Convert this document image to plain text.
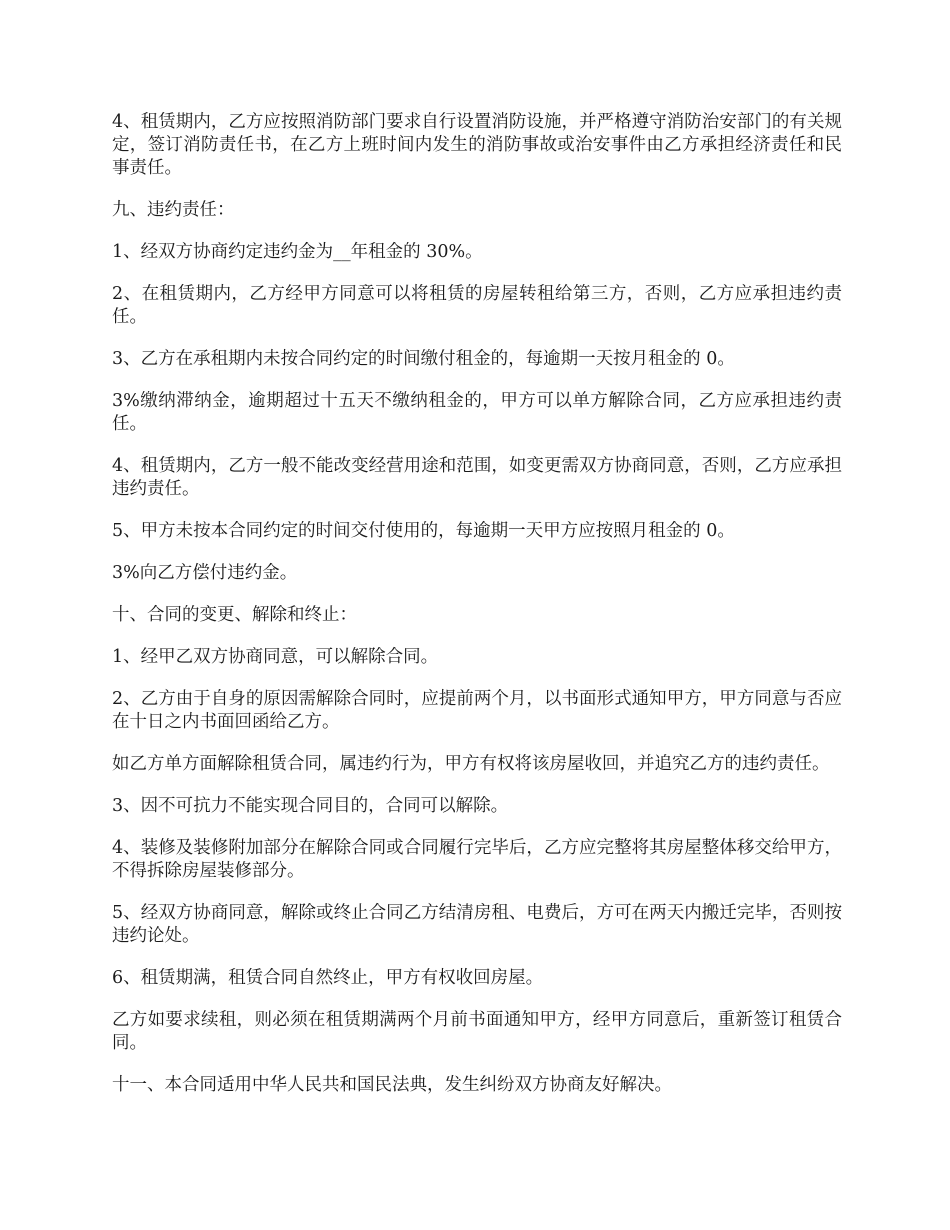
4、租赁期内，乙方应按照消防部门要求自行设置消防设施，并严格遵守消防治安部门的有关规定，签订消防责任书，在乙方上班时间内发生的消防事故或治安事件由乙方承担经济责任和民事责任。

九、违约责任：

1、经双方协商约定违约金为__年租金的 30%。

2、在租赁期内，乙方经甲方同意可以将租赁的房屋转租给第三方，否则，乙方应承担违约责任。

3、乙方在承租期内未按合同约定的时间缴付租金的，每逾期一天按月租金的 0。

3%缴纳滞纳金，逾期超过十五天不缴纳租金的，甲方可以单方解除合同，乙方应承担违约责任。

4、租赁期内，乙方一般不能改变经营用途和范围，如变更需双方协商同意，否则，乙方应承担违约责任。

5、甲方未按本合同约定的时间交付使用的，每逾期一天甲方应按照月租金的 0。

3%向乙方偿付违约金。

十、合同的变更、解除和终止：

1、经甲乙双方协商同意，可以解除合同。

2、乙方由于自身的原因需解除合同时，应提前两个月，以书面形式通知甲方，甲方同意与否应在十日之内书面回函给乙方。

如乙方单方面解除租赁合同，属违约行为，甲方有权将该房屋收回，并追究乙方的违约责任。

3、因不可抗力不能实现合同目的，合同可以解除。

4、装修及装修附加部分在解除合同或合同履行完毕后，乙方应完整将其房屋整体移交给甲方，不得拆除房屋装修部分。

5、经双方协商同意，解除或终止合同乙方结清房租、电费后，方可在两天内搬迁完毕，否则按违约论处。

6、租赁期满，租赁合同自然终止，甲方有权收回房屋。

乙方如要求续租，则必须在租赁期满两个月前书面通知甲方，经甲方同意后，重新签订租赁合同。

十一、本合同适用中华人民共和国民法典，发生纠纷双方协商友好解决。
